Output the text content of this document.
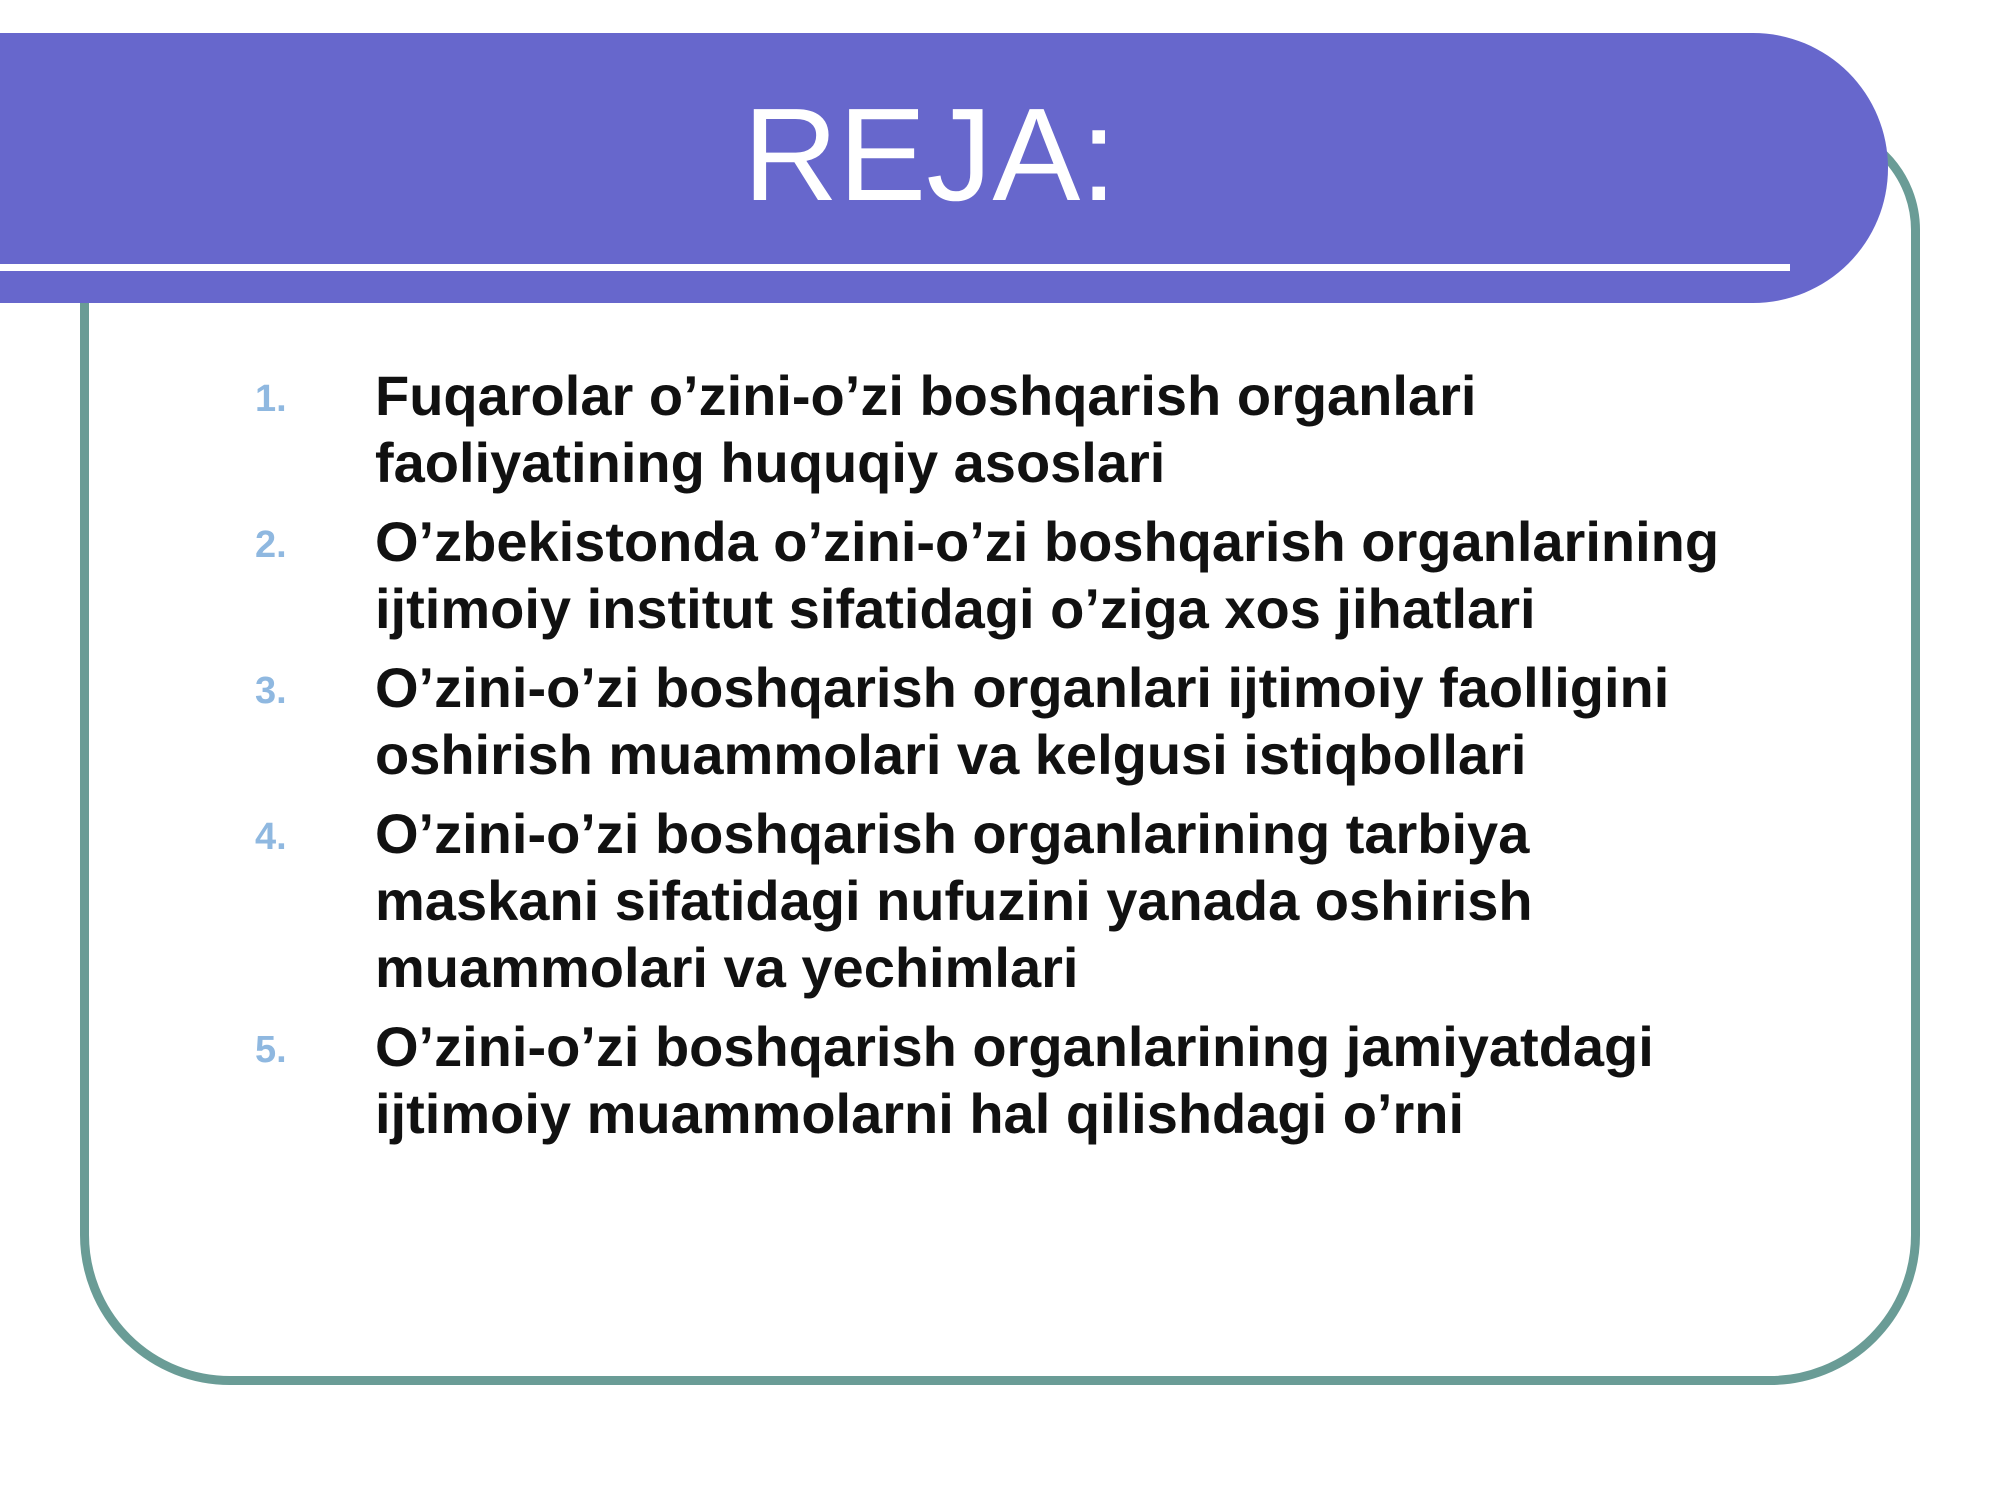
REJA:
1.	Fuqarolar o’zini-o’zi boshqarish organlari
faoliyatining huquqiy asoslari
2.	O’zbekistonda o’zini-o’zi boshqarish organlarining
ijtimoiy institut sifatidagi o’ziga xos jihatlari
3.	O’zini-o’zi boshqarish organlari ijtimoiy faolligini
oshirish muammolari va kelgusi istiqbollari
4.	O’zini-o’zi boshqarish organlarining tarbiya
maskani sifatidagi nufuzini yanada oshirish
muammolari va yechimlari
5.	O’zini-o’zi boshqarish organlarining jamiyatdagi
ijtimoiy muammolarni hal qilishdagi o’rni
